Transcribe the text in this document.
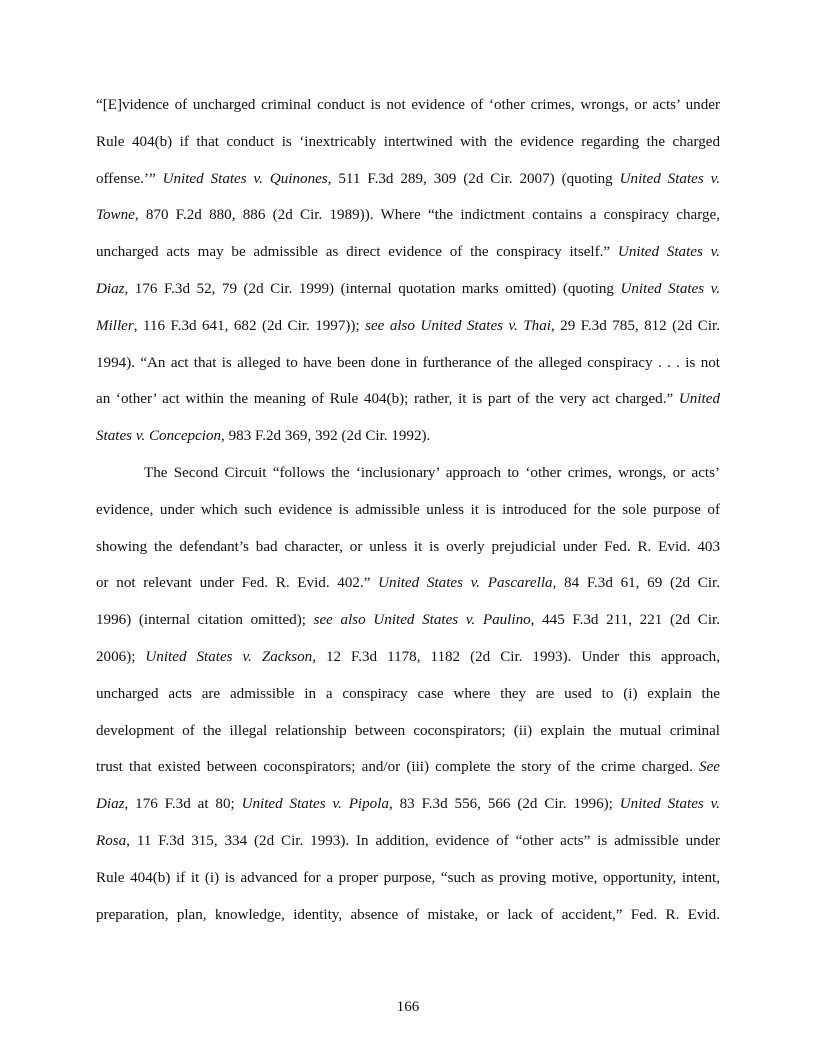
“[E]vidence of uncharged criminal conduct is not evidence of ‘other crimes, wrongs, or acts’ under
Rule 404(b) if that conduct is ‘inextricably intertwined with the evidence regarding the charged
offense.’” United States v. Quinones, 511 F.3d 289, 309 (2d Cir. 2007) (quoting United States v.
Towne, 870 F.2d 880, 886 (2d Cir. 1989)). Where “the indictment contains a conspiracy charge,
uncharged acts may be admissible as direct evidence of the conspiracy itself.” United States v.
Diaz, 176 F.3d 52, 79 (2d Cir. 1999) (internal quotation marks omitted) (quoting United States v.
Miller, 116 F.3d 641, 682 (2d Cir. 1997)); see also United States v. Thai, 29 F.3d 785, 812 (2d Cir.
1994). “An act that is alleged to have been done in furtherance of the alleged conspiracy . . . is not
an ‘other’ act within the meaning of Rule 404(b); rather, it is part of the very act charged.” United
States v. Concepcion, 983 F.2d 369, 392 (2d Cir. 1992).
The Second Circuit “follows the ‘inclusionary’ approach to ‘other crimes, wrongs, or acts’
evidence, under which such evidence is admissible unless it is introduced for the sole purpose of
showing the defendant’s bad character, or unless it is overly prejudicial under Fed. R. Evid. 403
or not relevant under Fed. R. Evid. 402.” United States v. Pascarella, 84 F.3d 61, 69 (2d Cir.
1996) (internal citation omitted); see also United States v. Paulino, 445 F.3d 211, 221 (2d Cir.
2006); United States v. Zackson, 12 F.3d 1178, 1182 (2d Cir. 1993). Under this approach,
uncharged acts are admissible in a conspiracy case where they are used to (i) explain the
development of the illegal relationship between coconspirators; (ii) explain the mutual criminal
trust that existed between coconspirators; and/or (iii) complete the story of the crime charged. See
Diaz, 176 F.3d at 80; United States v. Pipola, 83 F.3d 556, 566 (2d Cir. 1996); United States v.
Rosa, 11 F.3d 315, 334 (2d Cir. 1993). In addition, evidence of “other acts” is admissible under
Rule 404(b) if it (i) is advanced for a proper purpose, “such as proving motive, opportunity, intent,
preparation, plan, knowledge, identity, absence of mistake, or lack of accident,” Fed. R. Evid.
166
